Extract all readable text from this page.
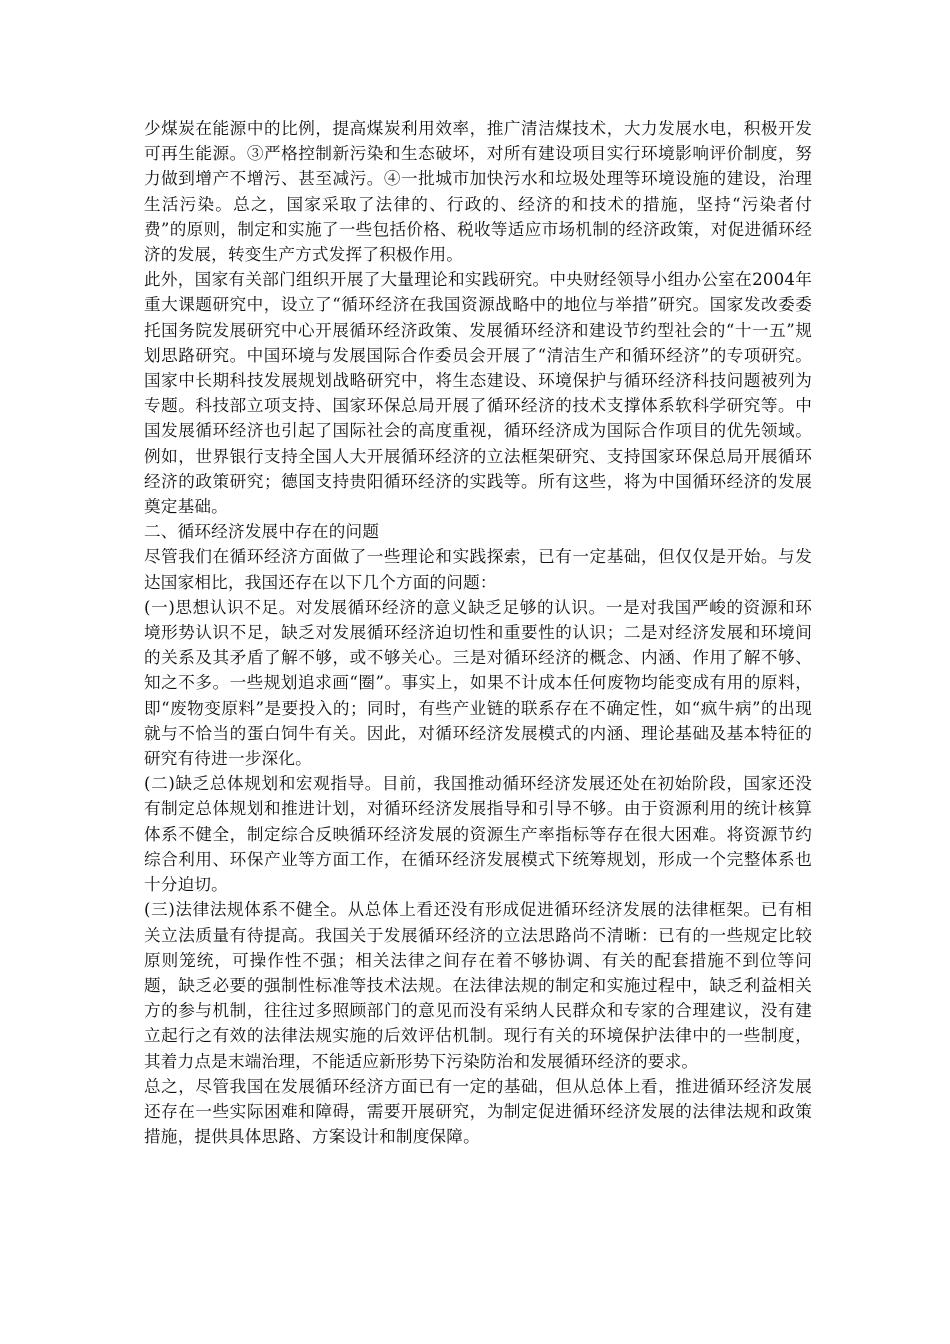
少煤炭在能源中的比例，提高煤炭利用效率，推广清洁煤技术，大力发展水电，积极开发可再生能源。③严格控制新污染和生态破坏，对所有建设项目实行环境影响评价制度，努力做到增产不增污、甚至减污。④一批城市加快污水和垃圾处理等环境设施的建设，治理生活污染。总之，国家采取了法律的、行政的、经济的和技术的措施，坚持“污染者付费”的原则，制定和实施了一些包括价格、税收等适应市场机制的经济政策，对促进循环经济的发展，转变生产方式发挥了积极作用。

此外，国家有关部门组织开展了大量理论和实践研究。中央财经领导小组办公室在2004年重大课题研究中，设立了“循环经济在我国资源战略中的地位与举措”研究。国家发改委委托国务院发展研究中心开展循环经济政策、发展循环经济和建设节约型社会的“十一五”规划思路研究。中国环境与发展国际合作委员会开展了“清洁生产和循环经济”的专项研究。国家中长期科技发展规划战略研究中，将生态建设、环境保护与循环经济科技问题被列为专题。科技部立项支持、国家环保总局开展了循环经济的技术支撑体系软科学研究等。中国发展循环经济也引起了国际社会的高度重视，循环经济成为国际合作项目的优先领域。例如，世界银行支持全国人大开展循环经济的立法框架研究、支持国家环保总局开展循环经济的政策研究；德国支持贵阳循环经济的实践等。所有这些，将为中国循环经济的发展奠定基础。

二、循环经济发展中存在的问题

尽管我们在循环经济方面做了一些理论和实践探索，已有一定基础，但仅仅是开始。与发达国家相比，我国还存在以下几个方面的问题：

(一)思想认识不足。对发展循环经济的意义缺乏足够的认识。一是对我国严峻的资源和环境形势认识不足，缺乏对发展循环经济迫切性和重要性的认识；二是对经济发展和环境间的关系及其矛盾了解不够，或不够关心。三是对循环经济的概念、内涵、作用了解不够、知之不多。一些规划追求画“圈”。事实上，如果不计成本任何废物均能变成有用的原料，即“废物变原料”是要投入的；同时，有些产业链的联系存在不确定性，如“疯牛病”的出现就与不恰当的蛋白饲牛有关。因此，对循环经济发展模式的内涵、理论基础及基本特征的研究有待进一步深化。

(二)缺乏总体规划和宏观指导。目前，我国推动循环经济发展还处在初始阶段，国家还没有制定总体规划和推进计划，对循环经济发展指导和引导不够。由于资源利用的统计核算体系不健全，制定综合反映循环经济发展的资源生产率指标等存在很大困难。将资源节约综合利用、环保产业等方面工作，在循环经济发展模式下统筹规划，形成一个完整体系也十分迫切。

(三)法律法规体系不健全。从总体上看还没有形成促进循环经济发展的法律框架。已有相关立法质量有待提高。我国关于发展循环经济的立法思路尚不清晰：已有的一些规定比较原则笼统，可操作性不强；相关法律之间存在着不够协调、有关的配套措施不到位等问题，缺乏必要的强制性标准等技术法规。在法律法规的制定和实施过程中，缺乏利益相关方的参与机制，往往过多照顾部门的意见而没有采纳人民群众和专家的合理建议，没有建立起行之有效的法律法规实施的后效评估机制。现行有关的环境保护法律中的一些制度，其着力点是末端治理，不能适应新形势下污染防治和发展循环经济的要求。

总之，尽管我国在发展循环经济方面已有一定的基础，但从总体上看，推进循环经济发展还存在一些实际困难和障碍，需要开展研究，为制定促进循环经济发展的法律法规和政策措施，提供具体思路、方案设计和制度保障。
